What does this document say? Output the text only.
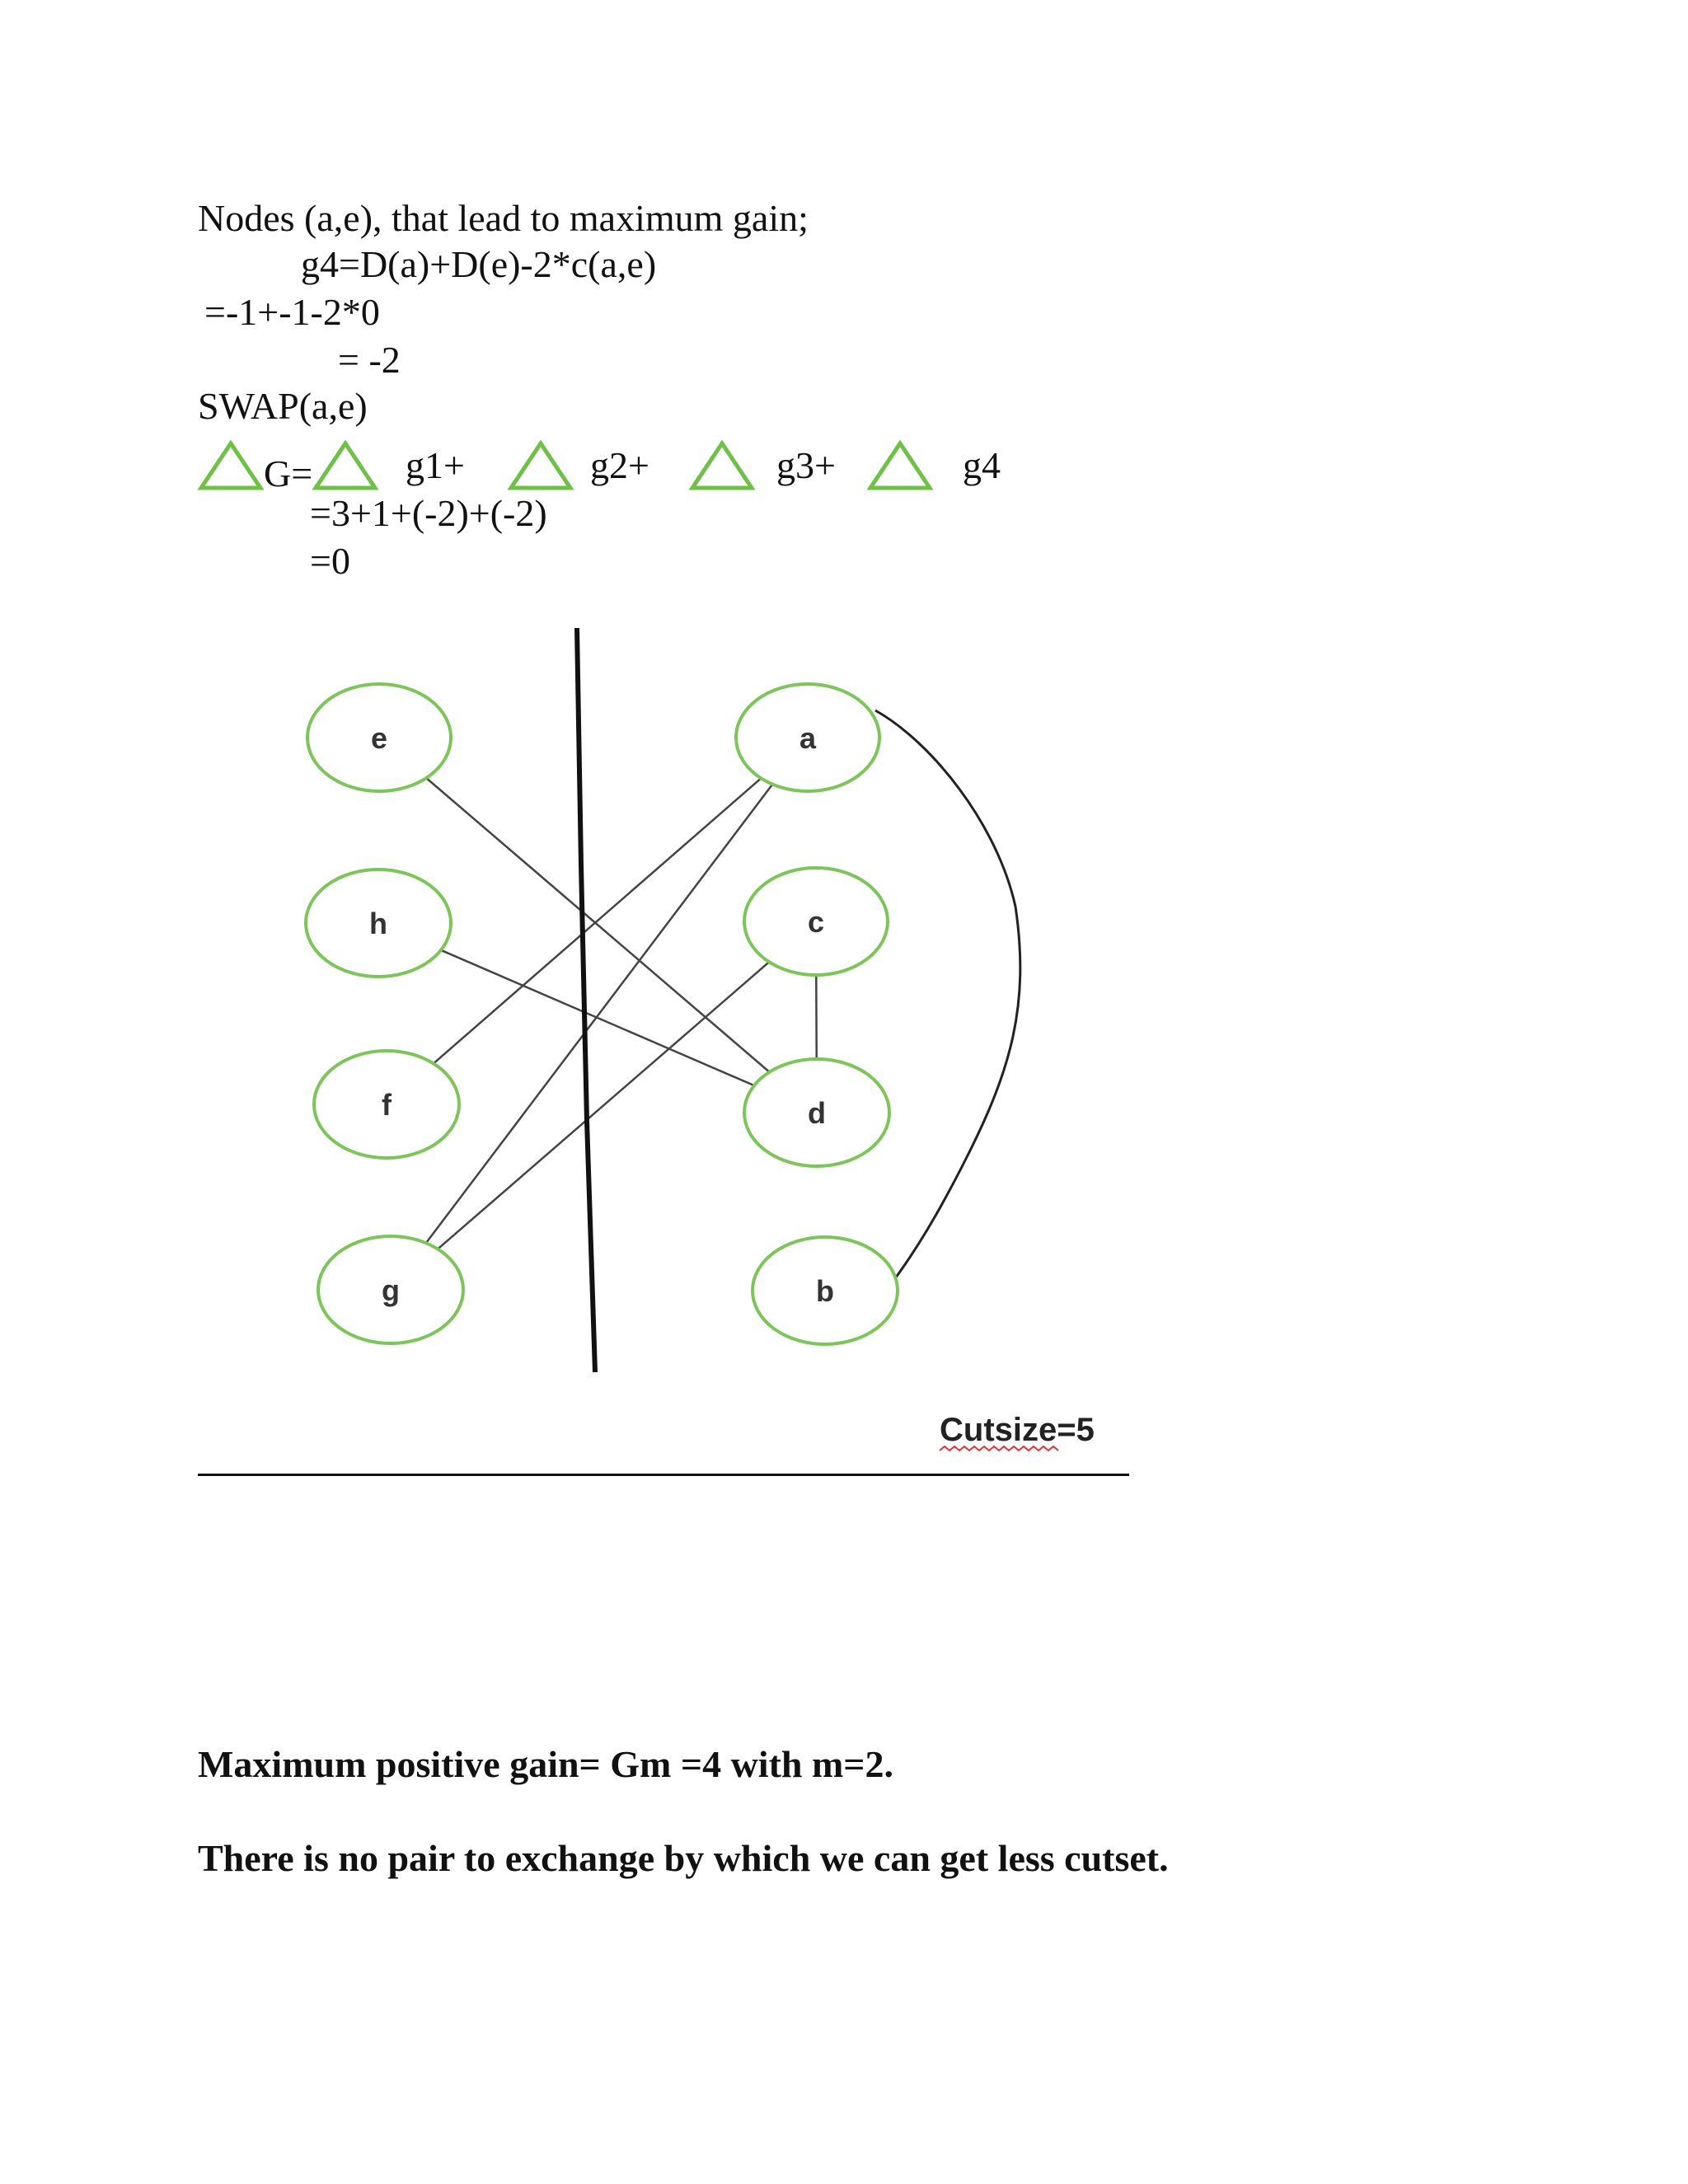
Nodes (a,e), that lead to maximum gain;
g4=D(a)+D(e)-2*c(a,e)
=-1+-1-2*0
= -2
SWAP(a,e)
G=	g1+	g2+	g3+	g4
=3+1+(-2)+(-2)
=0
e
h
f
g
a
c
d
b
Cutsize=5
Maximum positive gain= Gm =4 with m=2.
There is no pair to exchange by which we can get less cutset.
